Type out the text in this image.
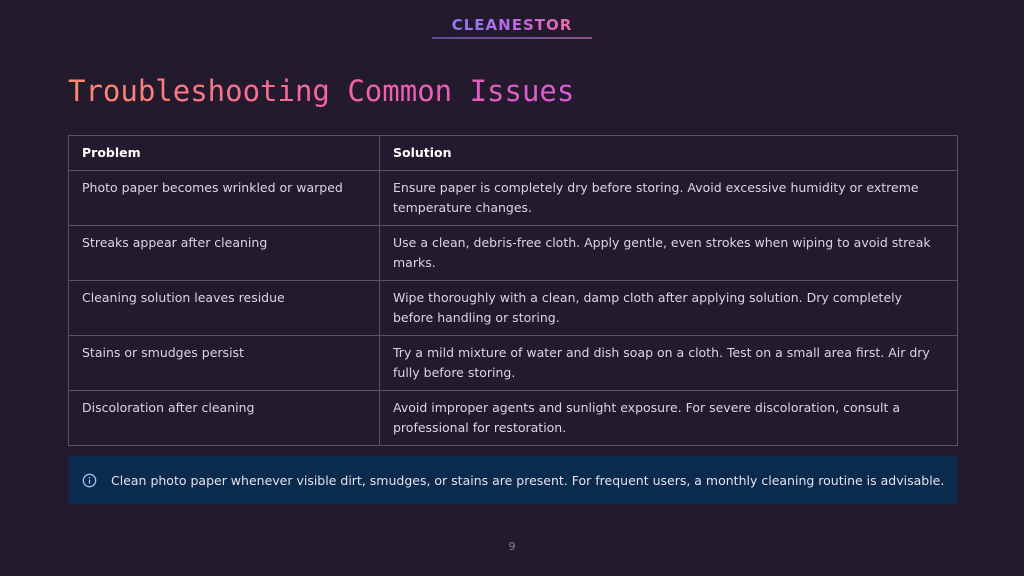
CLEANESTOR
Troubleshooting Common Issues
Problem	Solution
Photo paper becomes wrinkled or warped	Ensure paper is completely dry before storing. Avoid excessive humidity or extreme temperature changes.
Streaks appear after cleaning	Use a clean, debris-free cloth. Apply gentle, even strokes when wiping to avoid streak marks.
Cleaning solution leaves residue	Wipe thoroughly with a clean, damp cloth after applying solution. Dry completely before handling or storing.
Stains or smudges persist	Try a mild mixture of water and dish soap on a cloth. Test on a small area first. Air dry fully before storing.
Discoloration after cleaning	Avoid improper agents and sunlight exposure. For severe discoloration, consult a professional for restoration.
Clean photo paper whenever visible dirt, smudges, or stains are present. For frequent users, a monthly cleaning routine is advisable.
9
